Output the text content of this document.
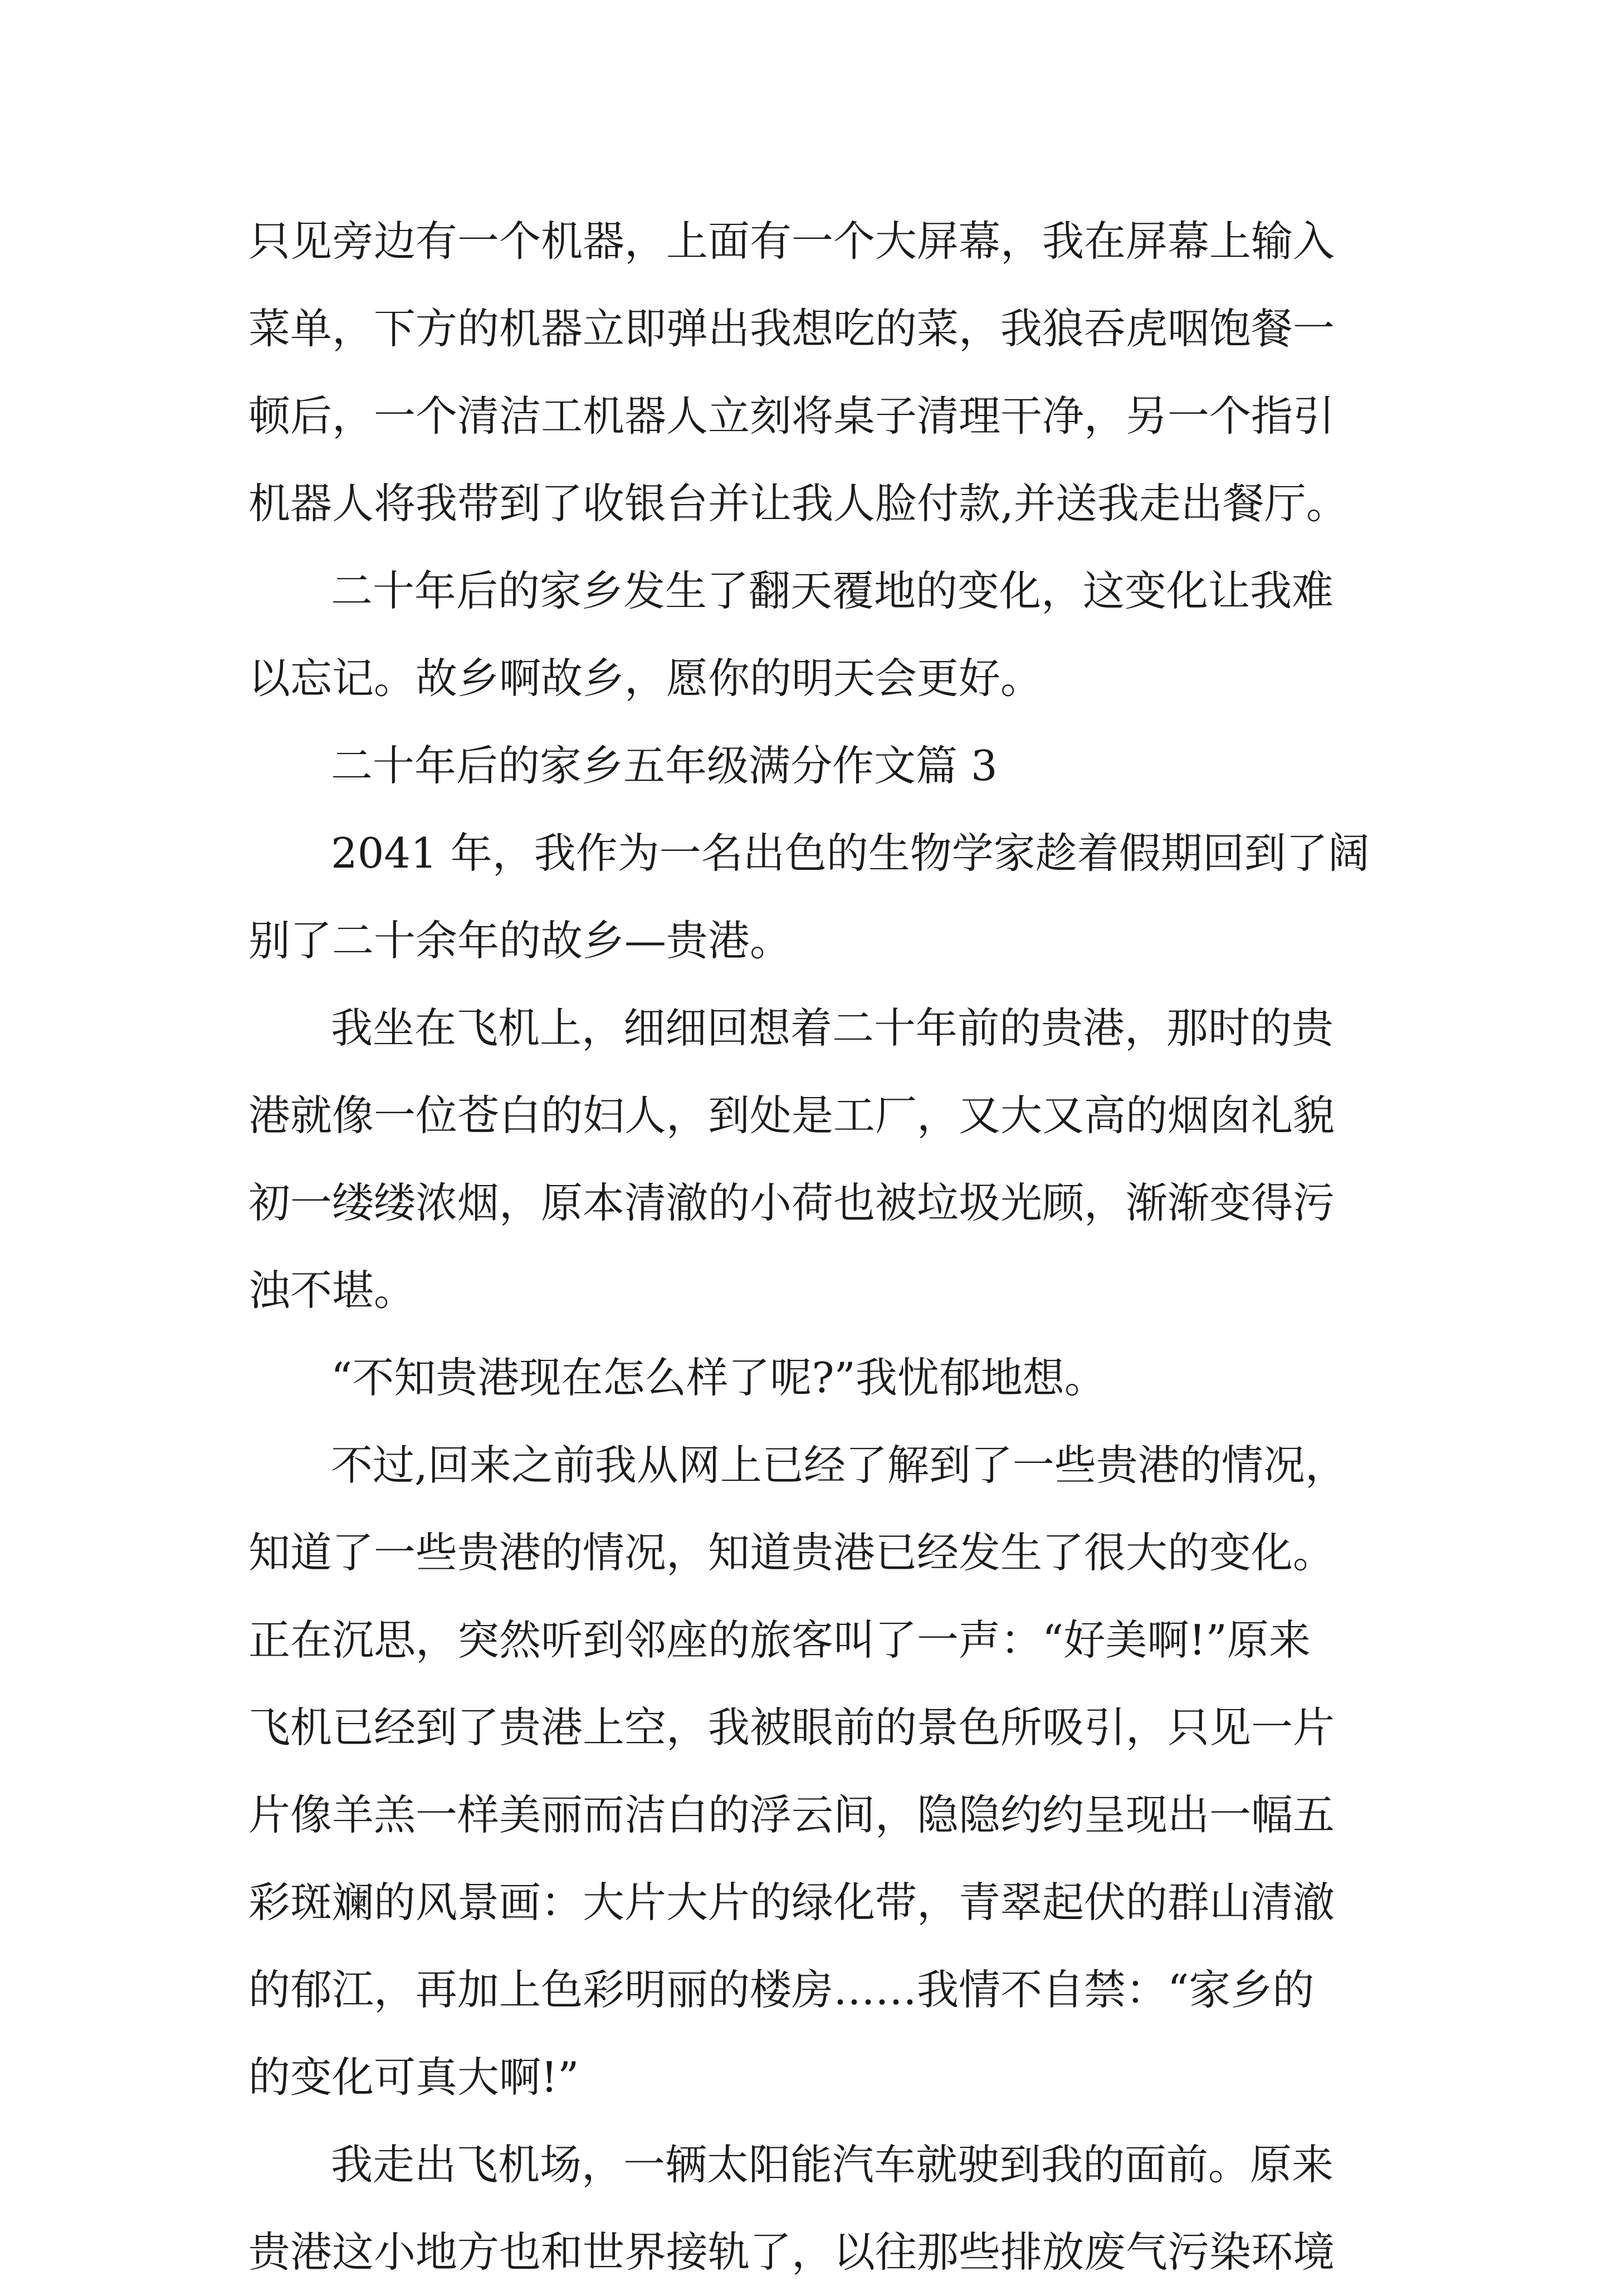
只见旁边有一个机器，上面有一个大屏幕，我在屏幕上输入
菜单，下方的机器立即弹出我想吃的菜，我狼吞虎咽饱餐一
顿后，一个清洁工机器人立刻将桌子清理干净，另一个指引
机器人将我带到了收银台并让我人脸付款,并送我走出餐厅。
二十年后的家乡发生了翻天覆地的变化，这变化让我难
以忘记。故乡啊故乡，愿你的明天会更好。
二十年后的家乡五年级满分作文篇 3
2041 年，我作为一名出色的生物学家趁着假期回到了阔
别了二十余年的故乡—贵港。
我坐在飞机上，细细回想着二十年前的贵港，那时的贵
港就像一位苍白的妇人，到处是工厂，又大又高的烟囱礼貌
初一缕缕浓烟，原本清澈的小荷也被垃圾光顾，渐渐变得污
浊不堪。
“不知贵港现在怎么样了呢?”我忧郁地想。
不过,回来之前我从网上已经了解到了一些贵港的情况，
知道了一些贵港的情况，知道贵港已经发生了很大的变化。
正在沉思，突然听到邻座的旅客叫了一声：“好美啊!”原来
飞机已经到了贵港上空，我被眼前的景色所吸引，只见一片
片像羊羔一样美丽而洁白的浮云间，隐隐约约呈现出一幅五
彩斑斓的风景画：大片大片的绿化带，青翠起伏的群山清澈
的郁江，再加上色彩明丽的楼房……我情不自禁：“家乡的
的变化可真大啊!”
我走出飞机场，一辆太阳能汽车就驶到我的面前。原来
贵港这小地方也和世界接轨了，以往那些排放废气污染环境
